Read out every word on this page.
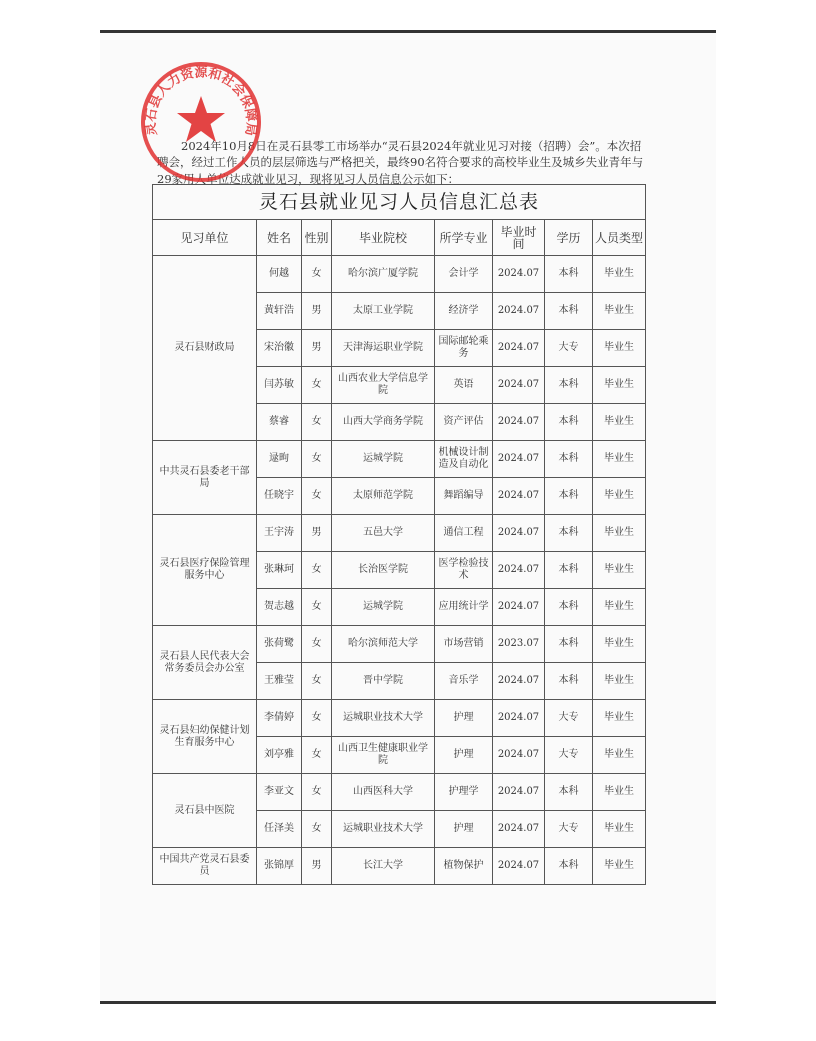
2024年10月8日在灵石县零工市场举办“灵石县2024年就业见习对接（招聘）会”。本次招聘会，经过工作人员的层层筛选与严格把关，最终90名符合要求的高校毕业生及城乡失业青年与29家用人单位达成就业见习，现将见习人员信息公示如下：

灵石县就业见习人员信息汇总表							
见习单位	姓名	性别	毕业院校	所学专业	毕业时间	学历	人员类型
灵石县财政局	何越	女	哈尔滨广厦学院	会计学	2024.07	本科	毕业生
	黄轩浩	男	太原工业学院	经济学	2024.07	本科	毕业生
	宋治徽	男	天津海运职业学院	国际邮轮乘务	2024.07	大专	毕业生
	闫苏敏	女	山西农业大学信息学院	英语	2024.07	本科	毕业生
	蔡睿	女	山西大学商务学院	资产评估	2024.07	本科	毕业生
中共灵石县委老干部局	逯昫	女	运城学院	机械设计制造及自动化	2024.07	本科	毕业生
	任晓宇	女	太原师范学院	舞蹈编导	2024.07	本科	毕业生
灵石县医疗保险管理服务中心	王宇涛	男	五邑大学	通信工程	2024.07	本科	毕业生
	张琳珂	女	长治医学院	医学检验技术	2024.07	本科	毕业生
	贺志越	女	运城学院	应用统计学	2024.07	本科	毕业生
灵石县人民代表大会常务委员会办公室	张荷鹭	女	哈尔滨师范大学	市场营销	2023.07	本科	毕业生
	王雅莹	女	晋中学院	音乐学	2024.07	本科	毕业生
灵石县妇幼保健计划生育服务中心	李倩婷	女	运城职业技术大学	护理	2024.07	大专	毕业生
	刘亭雅	女	山西卫生健康职业学院	护理	2024.07	大专	毕业生
灵石县中医院	李亚文	女	山西医科大学	护理学	2024.07	本科	毕业生
	任泽美	女	运城职业技术大学	护理	2024.07	大专	毕业生
中国共产党灵石县委员	张锦厚	男	长江大学	植物保护	2024.07	本科	毕业生
灵石县人力资源和社会保障局
